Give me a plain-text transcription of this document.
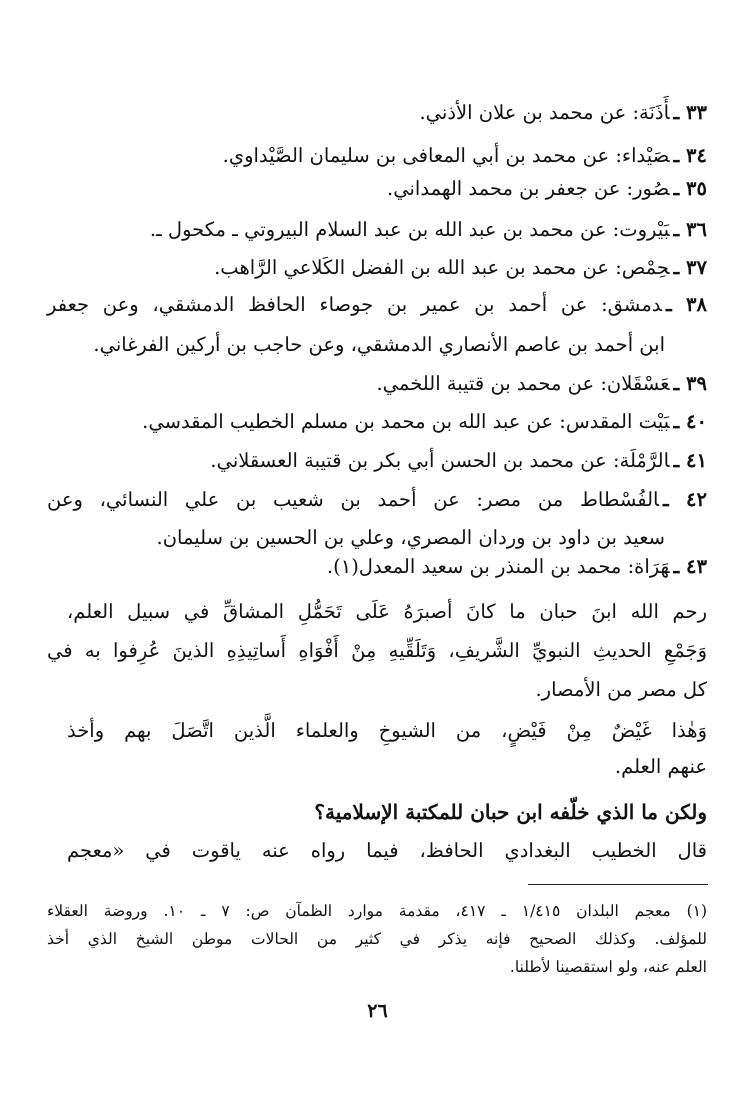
٣٣ ـأَذَنَة: عن محمد بن علان الأذني.
٣٤ ـصَيْداء: عن محمد بن أبي المعافى بن سليمان الصَّيْداوي.
٣٥ ـصُور: عن جعفر بن محمد الهمداني.
٣٦ ـبَيْروت: عن محمد بن عبد الله بن عبد السلام البيروتي ـ مكحول ـ.
٣٧ ـحِمْص: عن محمد بن عبد الله بن الفضل الكَلاعي الرَّاهب.
٣٨ ـدمشق: عن أحمد بن عمير بن جوصاء الحافظ الدمشقي، وعن جعفر
ابن أحمد بن عاصم الأنصاري الدمشقي، وعن حاجب بن أركين الفرغاني.
٣٩ ـعَسْقَلان: عن محمد بن قتيبة اللخمي.
٤٠ ـبَيْت المقدس: عن عبد الله بن محمد بن مسلم الخطيب المقدسي.
٤١ ـالرَّمْلَة: عن محمد بن الحسن أبي بكر بن قتيبة العسقلاني.
٤٢ ـالفُسْطاط من مصر: عن أحمد بن شعيب بن علي النسائي، وعن
سعيد بن داود بن وردان المصري، وعلي بن الحسين بن سليمان.
٤٣ ـهَرَاة: محمد بن المنذر بن سعيد المعدل(١).
رحم الله ابنَ حبان ما كانَ أصبرَهُ عَلَى تَحَمُّلِ المشاقِّ في سبيل العلم،
وَجَمْعِ الحديثِ النبويِّ الشَّريفِ، وَتَلَقِّيهِ مِنْ أَفْوَاهِ أَساتِيذِهِ الذينَ عُرِفوا به في
كل مصر من الأمصار.
وَهٰذا غَيْضٌ مِنْ فَيْضٍ، من الشيوخِ والعلماء الَّذين اتَّصَلَ بهم وأخذ
عنهم العلم.
ولكن ما الذي خلّفه ابن حبان للمكتبة الإسلامية؟
قال الخطيب البغدادي الحافظ، فيما رواه عنه ياقوت في «معجم
(١) معجم البلدان ١/٤١٥ ـ ٤١٧، مقدمة موارد الظمآن ص: ٧ ـ ١٠. وروضة العقلاء
للمؤلف. وكذلك الصحيح فإنه يذكر في كثير من الحالات موطن الشيخ الذي أخذ
العلم عنه، ولو استقصينا لأطلنا.
٢٦
